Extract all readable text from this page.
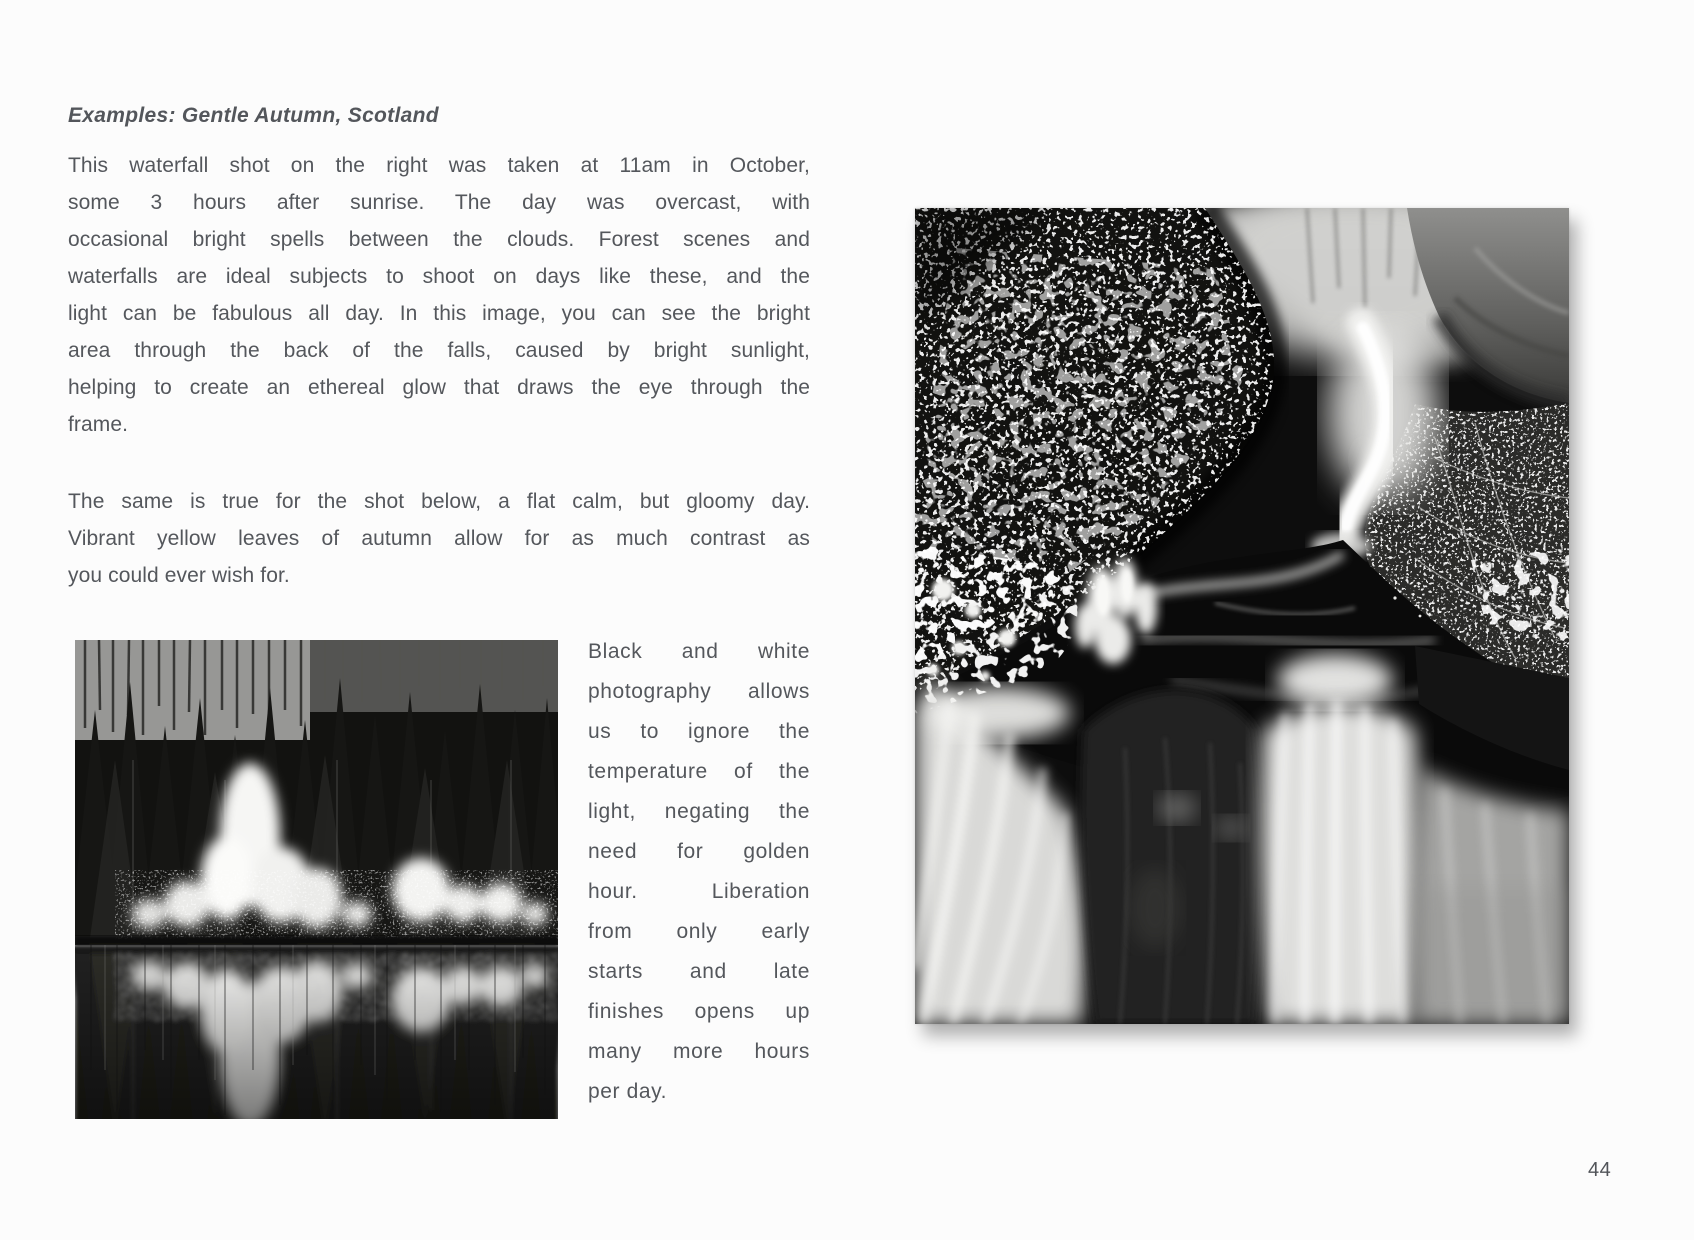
Examples: Gentle Autumn, Scotland
This waterfall shot on the right was taken at 11am in October,
some 3 hours after sunrise. The day was overcast, with
occasional bright spells between the clouds. Forest scenes and
waterfalls are ideal subjects to shoot on days like these, and the
light can be fabulous all day. In this image, you can see the bright
area through the back of the falls, caused by bright sunlight,
helping to create an ethereal glow that draws the eye through the
frame.
The same is true for the shot below, a flat calm, but gloomy day.
Vibrant yellow leaves of autumn allow for as much contrast as
you could ever wish for.
Black and white
photography allows
us to ignore the
temperature of the
light, negating the
need for golden
hour. Liberation
from only early
starts and late
finishes opens up
many more hours
per day.
44
